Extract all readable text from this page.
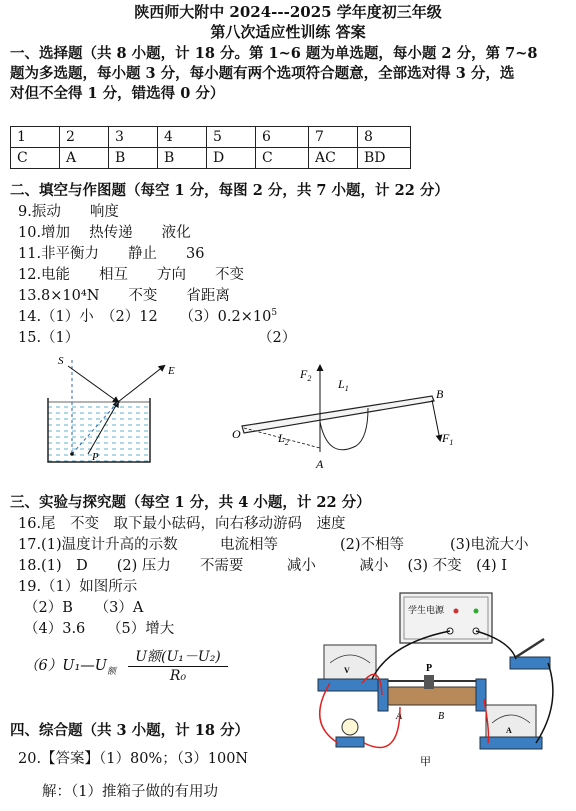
陕西师大附中 2024---2025 学年度初三年级
第八次适应性训练 答案
一、选择题（共 8 小题，计 18 分。第 1~6 题为单选题，每小题 2 分，第 7~8
题为多选题，每小题 3 分，每小题有两个选项符合题意，全部选对得 3 分，选
对但不全得 1 分，错选得 0 分）
1	2	3	4	5	6	7	8
C	A	B	B	D	C	AC	BD
二、填空与作图题（每空 1 分，每图 2 分，共 7 小题，计 22 分）
9.振动　　响度
10.增加　 热传递　　液化
11.非平衡力　　静止　　36
12.电能　　相互　　方向　　不变
13.8×10⁴N　　不变　　省距离
14.（1）小　（2）12　　$(3)0.2\times 10^5$
15.（1）	（2）
S
E
P
$F_2$ $L_1$	B
O	$L_2$	$F_1$
A
三、实验与探究题（每空 1 分，共 4 小题，计 22 分）
16.尾　不变　取下最小砝码，向右移动游码　速度
17.(1)温度计升高的示数	电流相等	(2)不相等	(3)电流大小
18.(1)　D　　(2) 压力　　不需要　　　减小　　　减小　 (3) 不变　(4) I
19.（1）如图所示
（2）B　　（3）A
（4）3.6　　（5）增大
$(6)U_1—U_额$
U额(U₁－U₂)
R₀
学生电源
V	P
A	B
A
甲
四、综合题（共 3 小题，计 18 分）
20.【答案】（1）80%；（3）100N
解：（1）推箱子做的有用功
